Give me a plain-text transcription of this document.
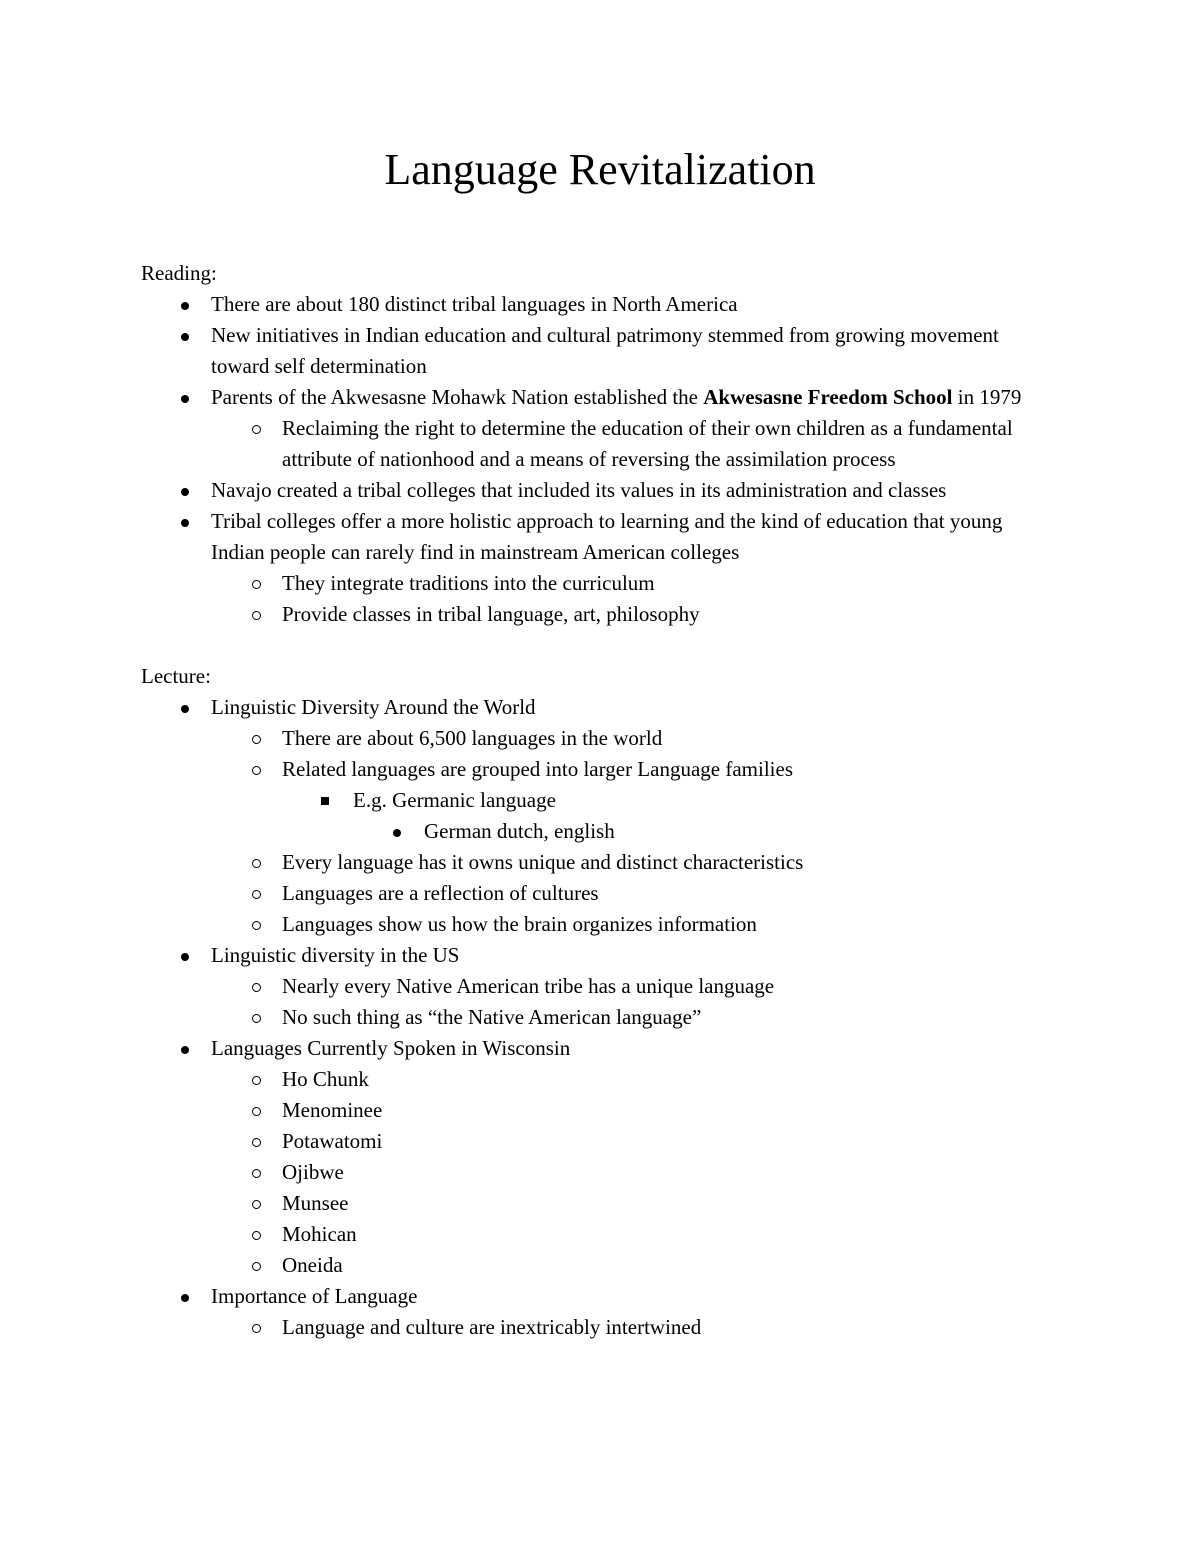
Language Revitalization
Reading:
There are about 180 distinct tribal languages in North America
New initiatives in Indian education and cultural patrimony stemmed from growing movement toward self determination
Parents of the Akwesasne Mohawk Nation established the Akwesasne Freedom School in 1979
Reclaiming the right to determine the education of their own children as a fundamental attribute of nationhood and a means of reversing the assimilation process
Navajo created a tribal colleges that included its values in its administration and classes
Tribal colleges offer a more holistic approach to learning and the kind of education that young Indian people can rarely find in mainstream American colleges
They integrate traditions into the curriculum
Provide classes in tribal language, art, philosophy
Lecture:
Linguistic Diversity Around the World
There are about 6,500 languages in the world
Related languages are grouped into larger Language families
E.g. Germanic language
German dutch, english
Every language has it owns unique and distinct characteristics
Languages are a reflection of cultures
Languages show us how the brain organizes information
Linguistic diversity in the US
Nearly every Native American tribe has a unique language
No such thing as “the Native American language”
Languages Currently Spoken in Wisconsin
Ho Chunk
Menominee
Potawatomi
Ojibwe
Munsee
Mohican
Oneida
Importance of Language
Language and culture are inextricably intertwined
